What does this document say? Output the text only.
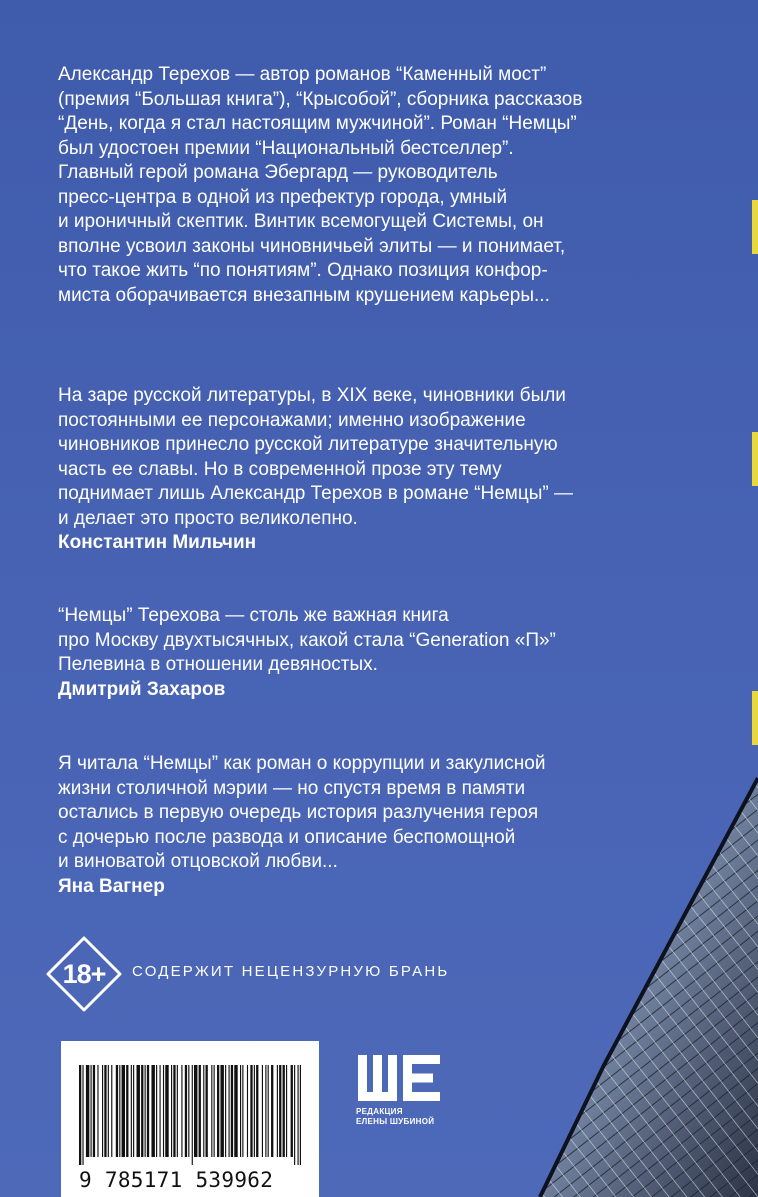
Александр Терехов — автор романов “Каменный мост”
(премия “Большая книга”), “Крысобой”, сборника рассказов
“День, когда я стал настоящим мужчиной”. Роман “Немцы”
был удостоен премии “Национальный бестселлер”.
Главный герой романа Эбергард — руководитель
пресс-центра в одной из префектур города, умный
и ироничный скептик. Винтик всемогущей Системы, он
вполне усвоил законы чиновничьей элиты — и понимает,
что такое жить “по понятиям”. Однако позиция конфор-
миста оборачивается внезапным крушением карьеры...
На заре русской литературы, в XIX веке, чиновники были
постоянными ее персонажами; именно изображение
чиновников принесло русской литературе значительную
часть ее славы. Но в современной прозе эту тему
поднимает лишь Александр Терехов в романе “Немцы” —
и делает это просто великолепно.
Константин Мильчин
“Немцы” Терехова — столь же важная книга
про Москву двухтысячных, какой стала “Generation «П»”
Пелевина в отношении девяностых.
Дмитрий Захаров
Я читала “Немцы” как роман о коррупции и закулисной
жизни столичной мэрии — но спустя время в памяти
остались в первую очередь история разлучения героя
с дочерью после развода и описание беспомощной
и виноватой отцовской любви...
Яна Вагнер
18+	СОДЕРЖИТ НЕЦЕНЗУРНУЮ БРАНЬ
9 785171 539962
РЕДАКЦИЯ
ЕЛЕНЫ ШУБИНОЙ
